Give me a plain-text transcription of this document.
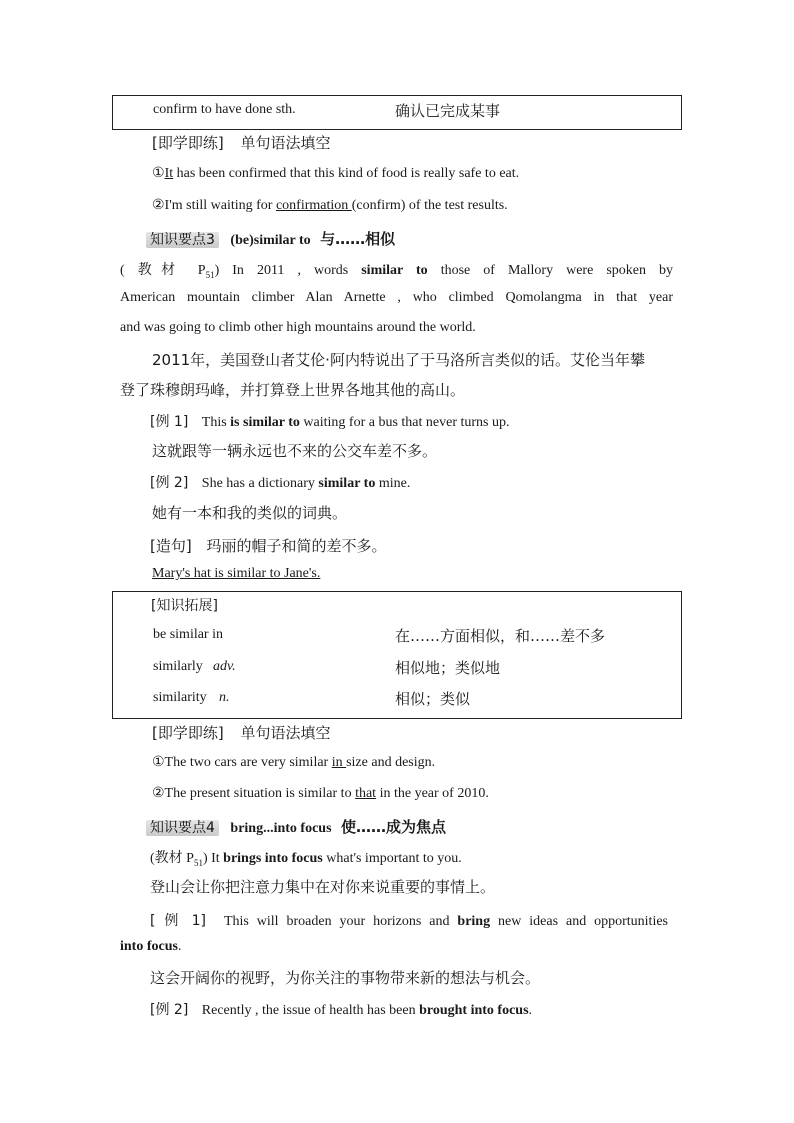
confirm to have done sth.	确认已完成某事
[即学即练] 单句语法填空
①It has been confirmed that this kind of food is really safe to eat.
②I'm still waiting for confirmation (confirm) of the test results.
知识要点3 (be)similar to 与……相似
( 教材 $P_{51}$) In 2011 , words similar to those of Mallory were spoken by
American mountain climber Alan Arnette , who climbed Qomolangma in that year
and was going to climb other high mountains around the world.
2011年，美国登山者艾伦·阿内特说出了于马洛所言类似的话。艾伦当年攀
登了珠穆朗玛峰，并打算登上世界各地其他的高山。
[例 1] This is similar to waiting for a bus that never turns up.
这就跟等一辆永远也不来的公交车差不多。
[例 2] She has a dictionary similar to mine.
她有一本和我的类似的词典。
[造句] 玛丽的帽子和简的差不多。
Mary's hat is similar to Jane's.
[知识拓展]
be similar in	在……方面相似，和……差不多
similarly adv.	相似地；类似地
similarity n.	相似；类似
[即学即练] 单句语法填空
①The two cars are very similar in size and design.
②The present situation is similar to that in the year of 2010.
知识要点4 bring...into focus 使……成为焦点
(教材 $P_{51}$) It brings into focus what's important to you.
登山会让你把注意力集中在对你来说重要的事情上。
[ 例 1] This will broaden your horizons and bring new ideas and opportunities
into focus.
这会开阔你的视野，为你关注的事物带来新的想法与机会。
[例 2] Recently , the issue of health has been brought into focus.
